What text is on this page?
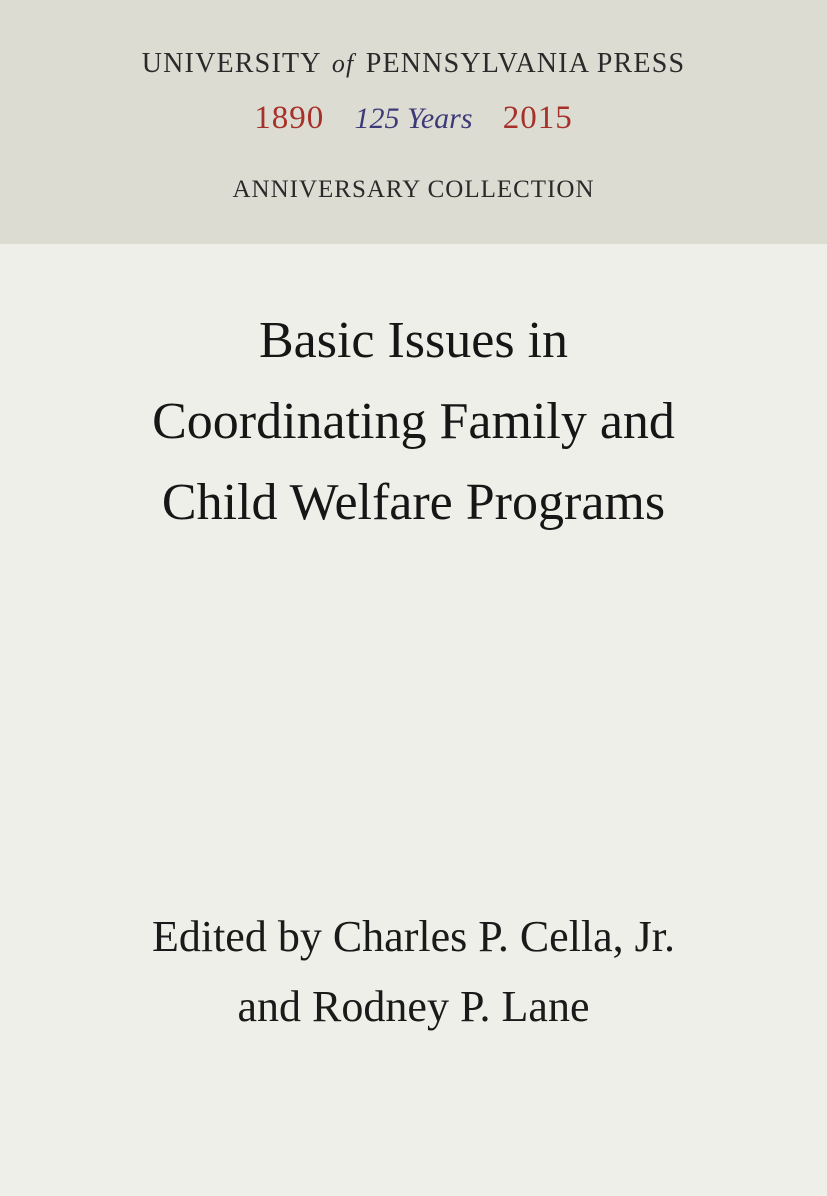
UNIVERSITY of PENNSYLVANIA PRESS
1890 125 Years 2015
ANNIVERSARY COLLECTION
Basic Issues in
Coordinating Family and
Child Welfare Programs
Edited by Charles P. Cella, Jr.
and Rodney P. Lane
